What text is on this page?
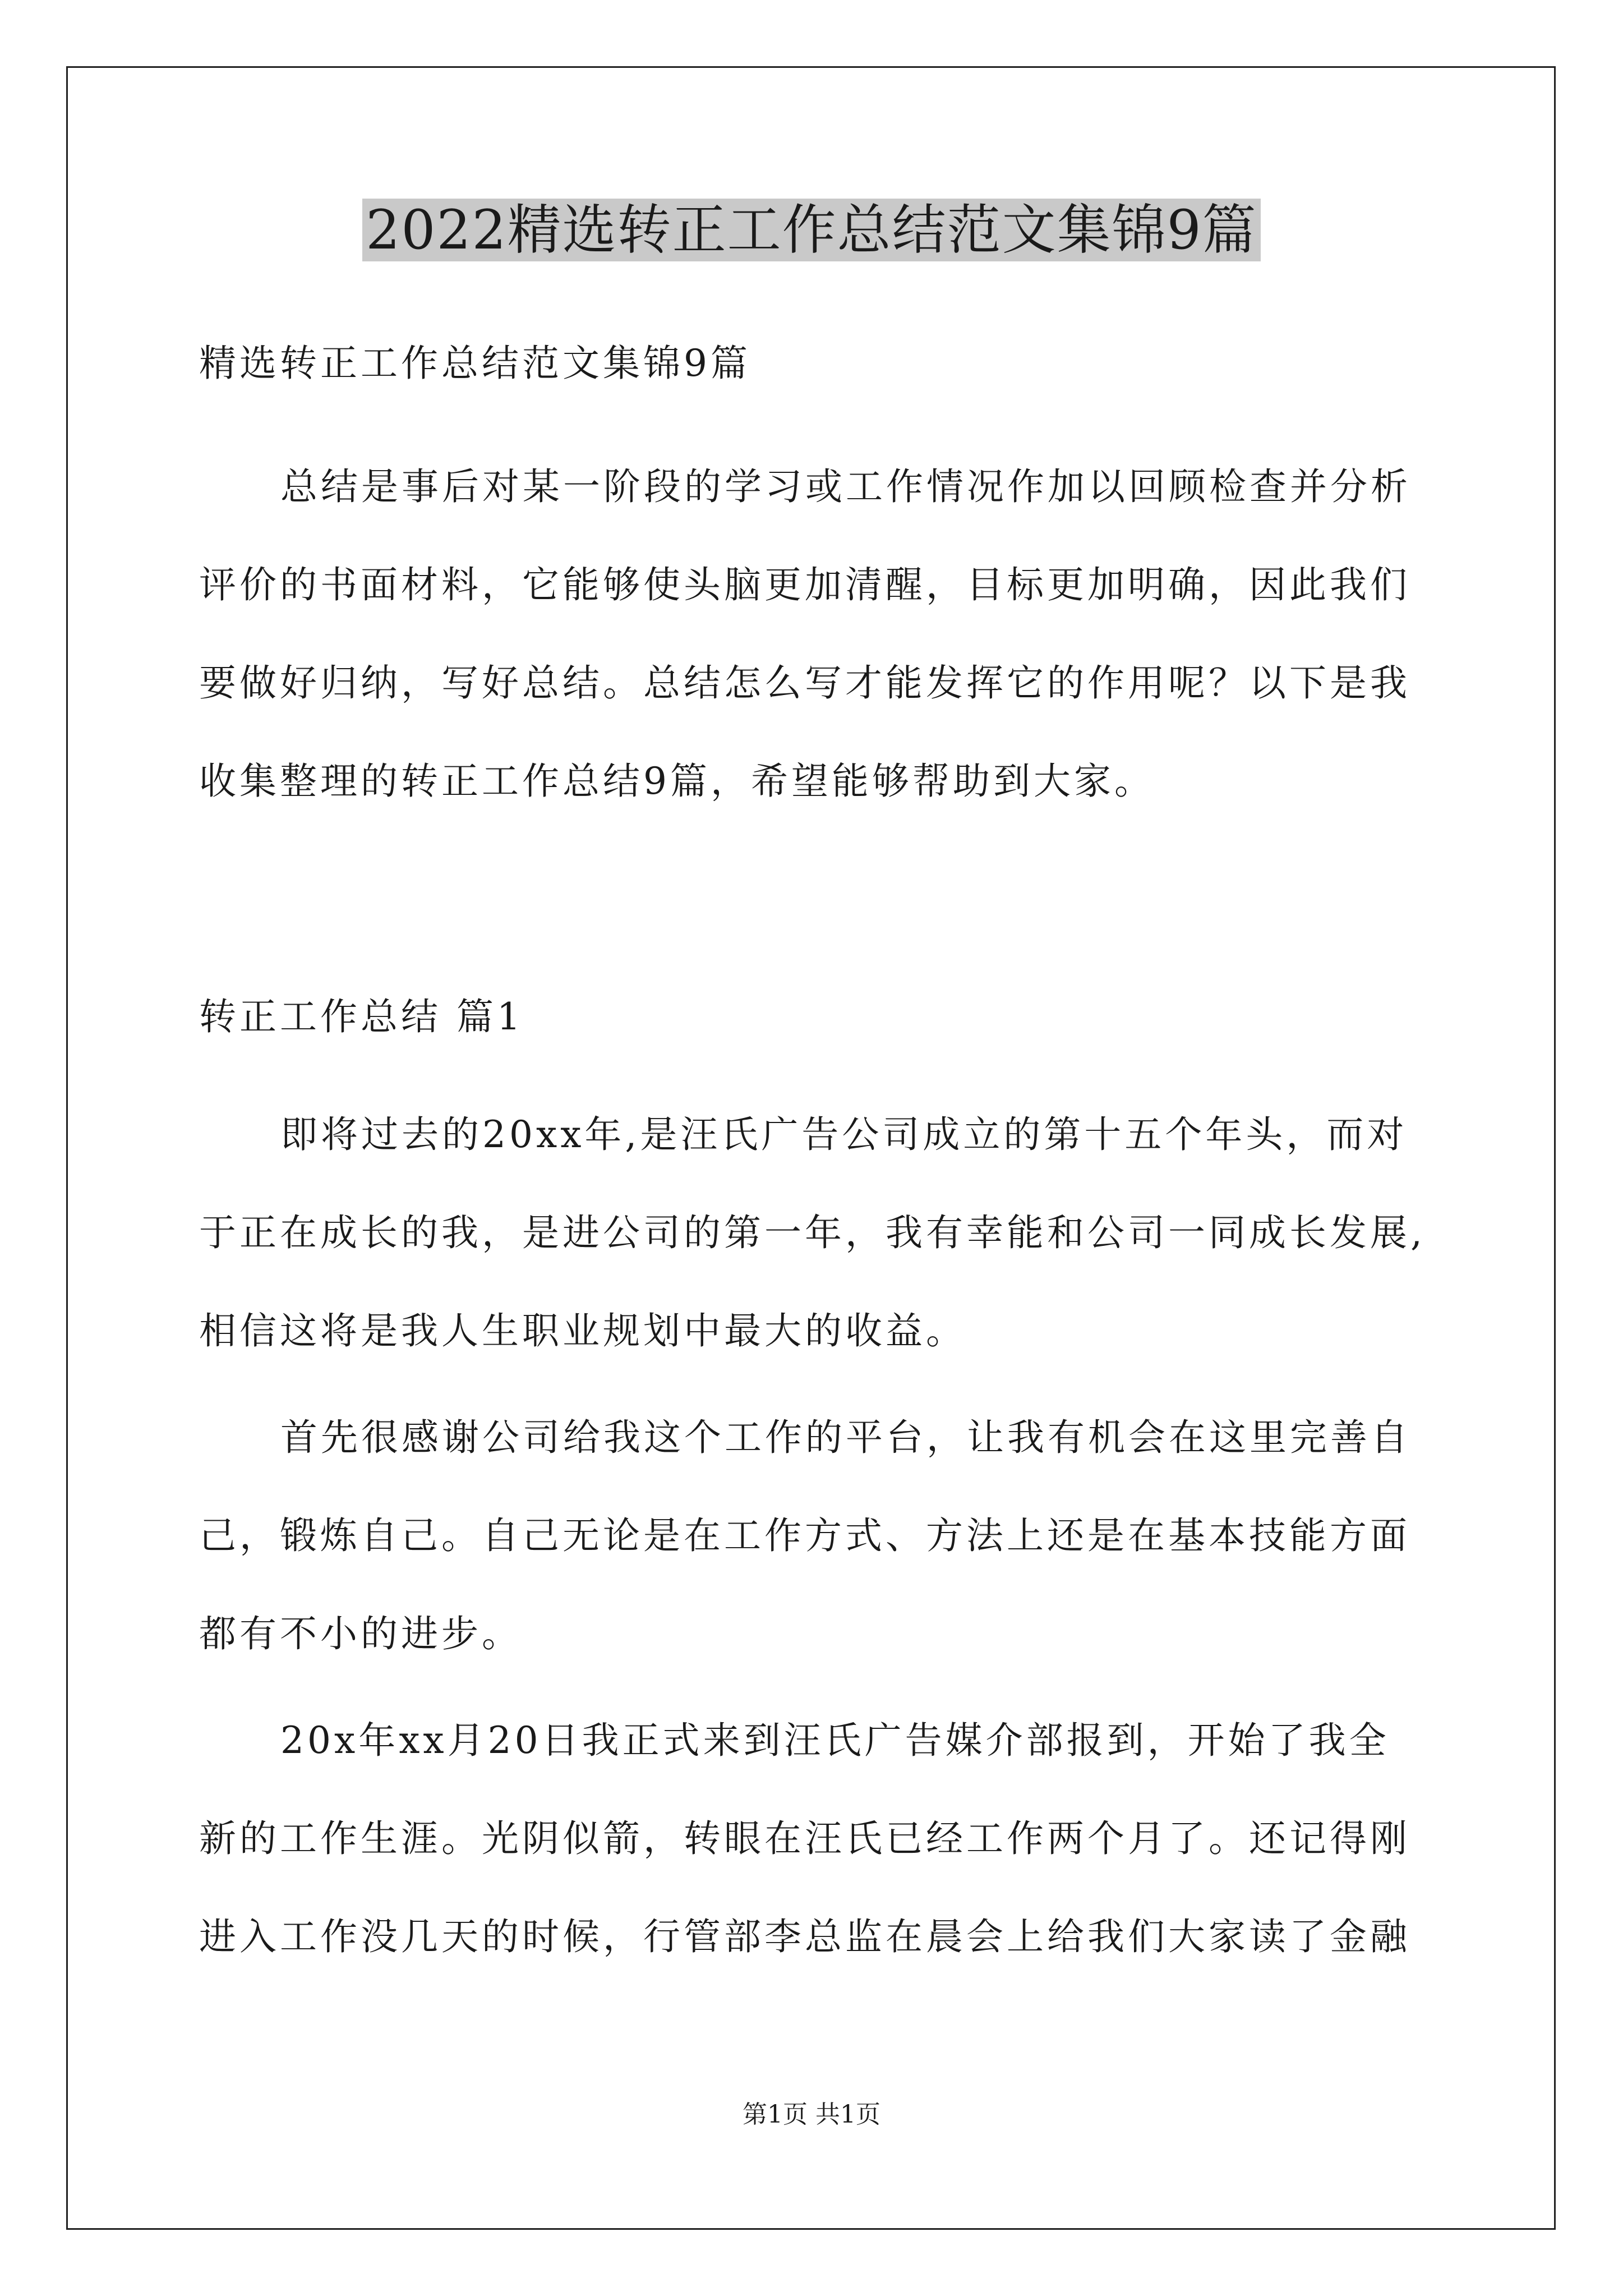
2022精选转正工作总结范文集锦9篇
精选转正工作总结范文集锦9篇
总结是事后对某一阶段的学习或工作情况作加以回顾检查并分析
评价的书面材料，它能够使头脑更加清醒，目标更加明确，因此我们
要做好归纳，写好总结。总结怎么写才能发挥它的作用呢？以下是我
收集整理的转正工作总结9篇，希望能够帮助到大家。
转正工作总结 篇1
即将过去的20xx年,是汪氏广告公司成立的第十五个年头，而对
于正在成长的我，是进公司的第一年，我有幸能和公司一同成长发展,
相信这将是我人生职业规划中最大的收益。
首先很感谢公司给我这个工作的平台，让我有机会在这里完善自
己，锻炼自己。自己无论是在工作方式、方法上还是在基本技能方面
都有不小的进步。
20x年xx月20日我正式来到汪氏广告媒介部报到，开始了我全
新的工作生涯。光阴似箭，转眼在汪氏已经工作两个月了。还记得刚
进入工作没几天的时候，行管部李总监在晨会上给我们大家读了金融
第1页 共1页
